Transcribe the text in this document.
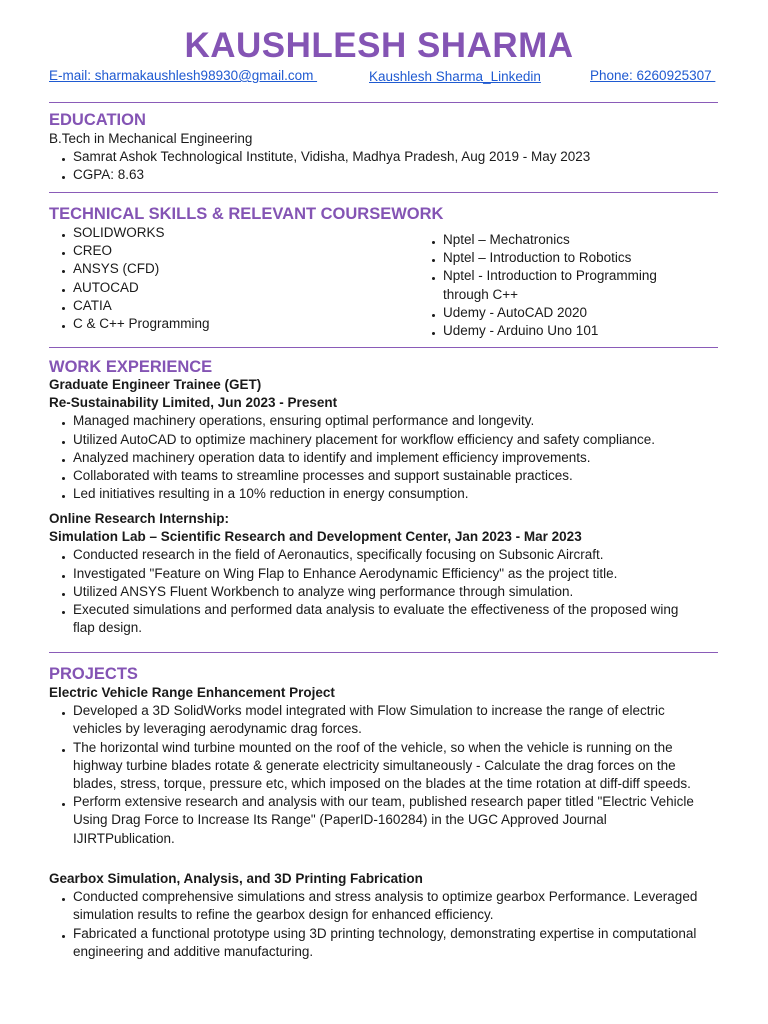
KAUSHLESH SHARMA
E-mail: sharmakaushlesh98930@gmail.com	Kaushlesh Sharma_Linkedin	Phone: 6260925307
EDUCATION
B.Tech in Mechanical Engineering
Samrat Ashok Technological Institute, Vidisha, Madhya Pradesh, Aug 2019 - May 2023
CGPA: 8.63
TECHNICAL SKILLS & RELEVANT COURSEWORK
SOLIDWORKS
CREO
ANSYS (CFD)
AUTOCAD
CATIA
C & C++ Programming
Nptel – Mechatronics
Nptel – Introduction to Robotics
Nptel - Introduction to Programming through C++
Udemy - AutoCAD 2020
Udemy - Arduino Uno 101
WORK EXPERIENCE
Graduate Engineer Trainee (GET)
Re-Sustainability Limited, Jun 2023 - Present
Managed machinery operations, ensuring optimal performance and longevity.
Utilized AutoCAD to optimize machinery placement for workflow efficiency and safety compliance.
Analyzed machinery operation data to identify and implement efficiency improvements.
Collaborated with teams to streamline processes and support sustainable practices.
Led initiatives resulting in a 10% reduction in energy consumption.
Online Research Internship:
Simulation Lab – Scientific Research and Development Center, Jan 2023 - Mar 2023
Conducted research in the field of Aeronautics, specifically focusing on Subsonic Aircraft.
Investigated "Feature on Wing Flap to Enhance Aerodynamic Efficiency" as the project title.
Utilized ANSYS Fluent Workbench to analyze wing performance through simulation.
Executed simulations and performed data analysis to evaluate the effectiveness of the proposed wing flap design.
PROJECTS
Electric Vehicle Range Enhancement Project
Developed a 3D SolidWorks model integrated with Flow Simulation to increase the range of electric vehicles by leveraging aerodynamic drag forces.
The horizontal wind turbine mounted on the roof of the vehicle, so when the vehicle is running on the highway turbine blades rotate & generate electricity simultaneously - Calculate the drag forces on the blades, stress, torque, pressure etc, which imposed on the blades at the time rotation at diff-diff speeds.
Perform extensive research and analysis with our team, published research paper titled "Electric Vehicle Using Drag Force to Increase Its Range" (PaperID-160284) in the UGC Approved Journal IJIRTPublication.
Gearbox Simulation, Analysis, and 3D Printing Fabrication
Conducted comprehensive simulations and stress analysis to optimize gearbox Performance. Leveraged simulation results to refine the gearbox design for enhanced efficiency.
Fabricated a functional prototype using 3D printing technology, demonstrating expertise in computational engineering and additive manufacturing.
